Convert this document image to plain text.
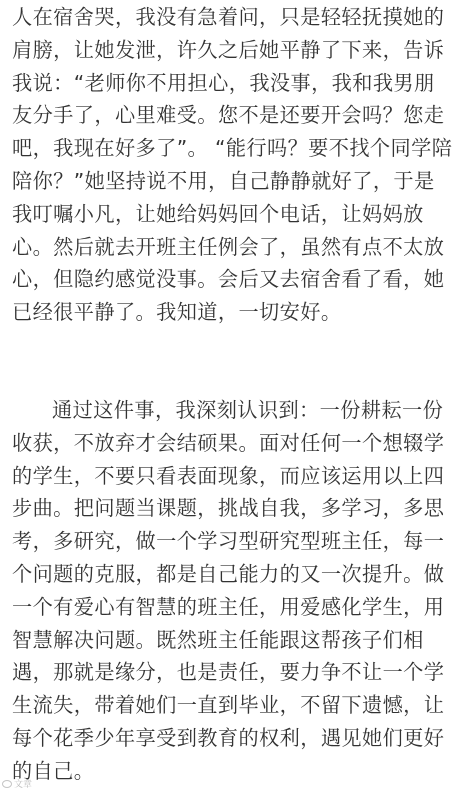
人在宿舍哭，我没有急着问，只是轻轻抚摸她的肩膀，让她发泄，许久之后她平静了下来，告诉我说：“老师你不用担心，我没事，我和我男朋友分手了，心里难受。您不是还要开会吗？您走吧，我现在好多了”。 “能行吗？要不找个同学陪陪你？”她坚持说不用，自己静静就好了，于是我叮嘱小凡，让她给妈妈回个电话，让妈妈放心。然后就去开班主任例会了，虽然有点不太放心，但隐约感觉没事。会后又去宿舍看了看，她已经很平静了。我知道，一切安好。

通过这件事，我深刻认识到：一份耕耘一份收获，不放弃才会结硕果。面对任何一个想辍学的学生，不要只看表面现象，而应该运用以上四步曲。把问题当课题，挑战自我，多学习，多思考，多研究，做一个学习型研究型班主任，每一个问题的克服，都是自己能力的又一次提升。做一个有爱心有智慧的班主任，用爱感化学生，用智慧解决问题。既然班主任能跟这帮孩子们相遇，那就是缘分，也是责任，要力争不让一个学生流失，带着她们一直到毕业，不留下遗憾，让每个花季少年享受到教育的权利，遇见她们更好的自己。

文章
